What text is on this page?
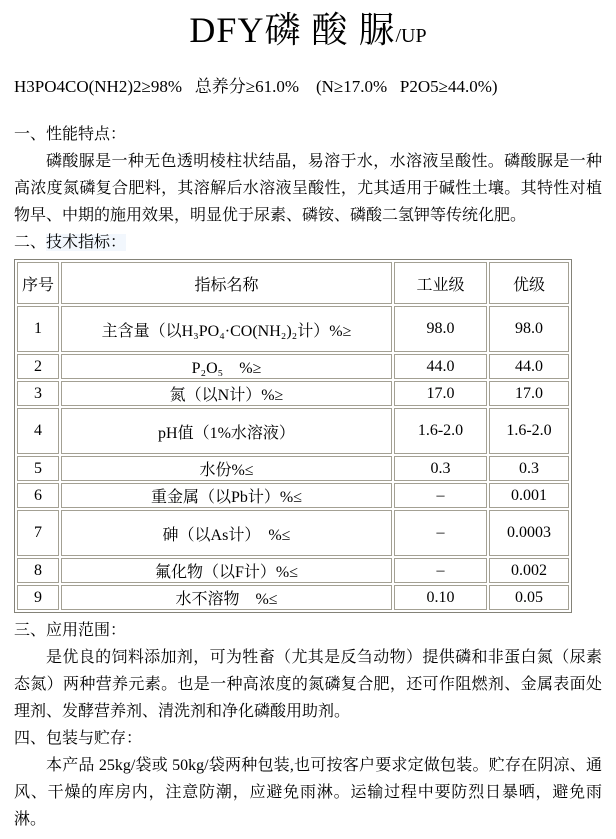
DFY磷 酸 脲/UP
H3PO4CO(NH2)2≥98%   总养分≥61.0%    (N≥17.0%   P2O5≥44.0%)
一、性能特点：

磷酸脲是一种无色透明棱柱状结晶，易溶于水，水溶液呈酸性。磷酸脲是一种高浓度氮磷复合肥料，其溶解后水溶液呈酸性，尤其适用于碱性土壤。其特性对植物早、中期的施用效果，明显优于尿素、磷铵、磷酸二氢钾等传统化肥。

二、技术指标：
序号	指标名称	工业级	优级
1	主含量（以H₃PO₄·CO(NH₂)₂计）%≥	98.0	98.0
2	P₂O₅　%≥	44.0	44.0
3	氮（以N计）%≥	17.0	17.0
4	pH值（1%水溶液）	1.6-2.0	1.6-2.0
5	水份%≤	0.3	0.3
6	重金属（以Pb计）%≤	–	0.001
7	砷（以As计）　%≤	–	0.0003
8	氟化物（以F计）%≤	–	0.002
9	水不溶物　%≤	0.10	0.05
三、应用范围：

是优良的饲料添加剂，可为牲畜（尤其是反刍动物）提供磷和非蛋白氮（尿素态氮）两种营养元素。也是一种高浓度的氮磷复合肥，还可作阻燃剂、金属表面处理剂、发酵营养剂、清洗剂和净化磷酸用助剂。

四、包装与贮存：

本产品 25kg/袋或 50kg/袋两种包装,也可按客户要求定做包装。贮存在阴凉、通风、干燥的库房内，注意防潮，应避免雨淋。运输过程中要防烈日暴晒，避免雨淋。
